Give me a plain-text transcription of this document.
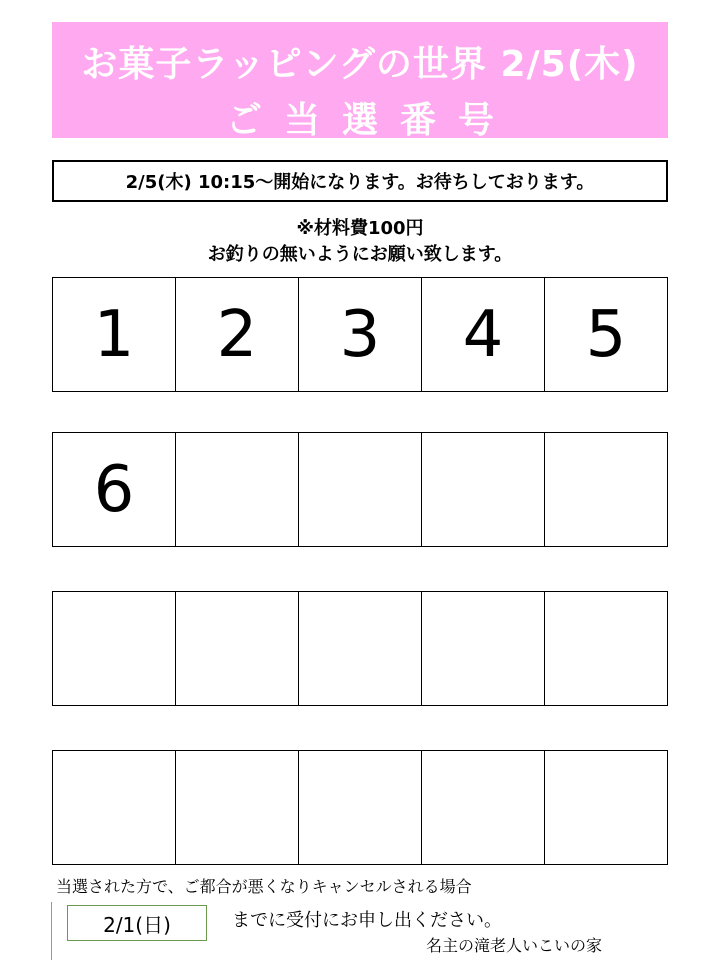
お菓子ラッピングの世界 2/5(木)
ご当選番号
2/5(木) 10:15～開始になります。お待ちしております。
※材料費100円
お釣りの無いようにお願い致します。
1	2	3	4	5
6
当選された方で、ご都合が悪くなりキャンセルされる場合
2/1(日)	までに受付にお申し出ください。
名主の滝老人いこいの家
